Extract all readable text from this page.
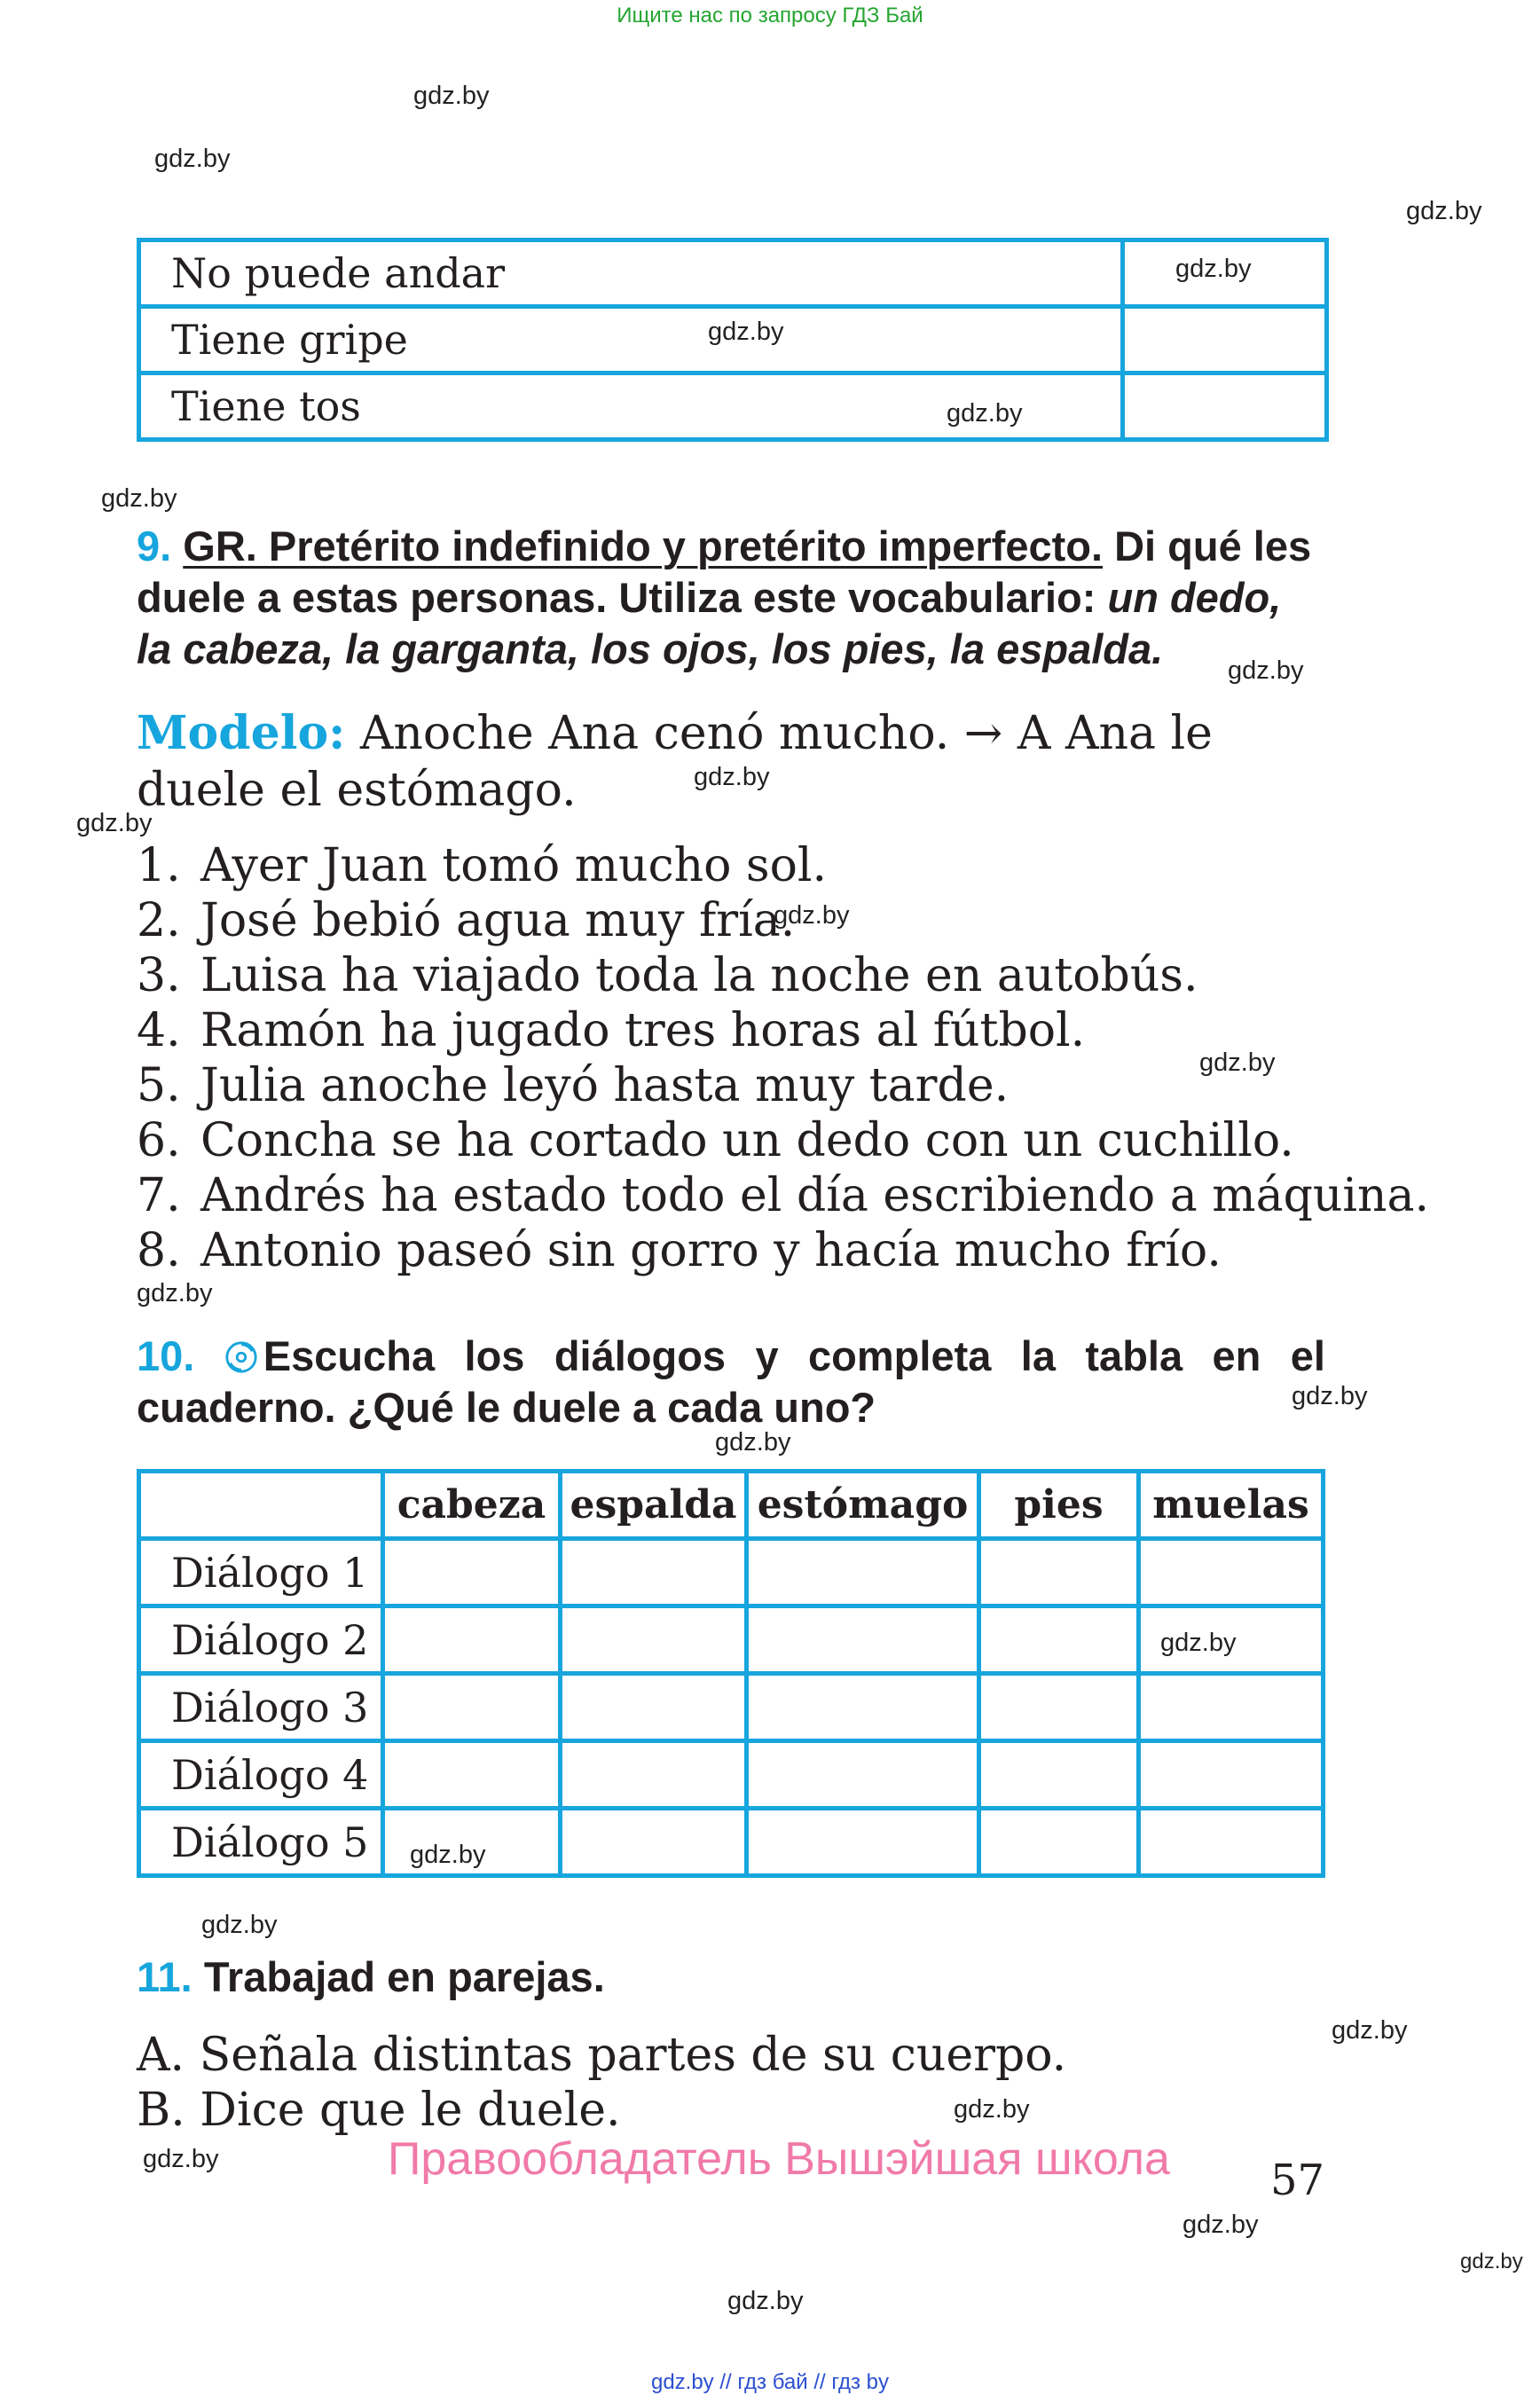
Ищите нас по запросу ГДЗ Бай
gdz.by
gdz.by
gdz.by
gdz.by
gdz.by
gdz.by
gdz.by
gdz.by
gdz.by
gdz.by
gdz.by
gdz.by
gdz.by
gdz.by
gdz.by
gdz.by
gdz.by
gdz.by
gdz.by
gdz.by
gdz.by
gdz.by
gdz.by
gdz.by
No puede andar	
Tiene gripe	
Tiene tos	
9. GR. Pretérito indefinido y pretérito imperfecto. Di qué les duele a estas personas. Utiliza este vocabulario: un dedo, la cabeza, la garganta, los ojos, los pies, la espalda.
Modelo: Anoche Ana cenó mucho. → A Ana le duele el estómago.
1. Ayer Juan tomó mucho sol.
2. José bebió agua muy fría.
3. Luisa ha viajado toda la noche en autobús.
4. Ramón ha jugado tres horas al fútbol.
5. Julia anoche leyó hasta muy tarde.
6. Concha se ha cortado un dedo con un cuchillo.
7. Andrés ha estado todo el día escribiendo a máquina.
8. Antonio paseó sin gorro y hacía mucho frío.
10. Escucha los diálogos y completa la tabla en el cuaderno. ¿Qué le duele a cada uno?
	cabeza	espalda	estómago	pies	muelas
Diálogo 1					
Diálogo 2					
Diálogo 3					
Diálogo 4					
Diálogo 5					
11. Trabajad en parejas.
A. Señala distintas partes de su cuerpo.
B. Dice que le duele.
Правообладатель Вышэйшая школа 57
gdz.by // гдз бай // гдз by
